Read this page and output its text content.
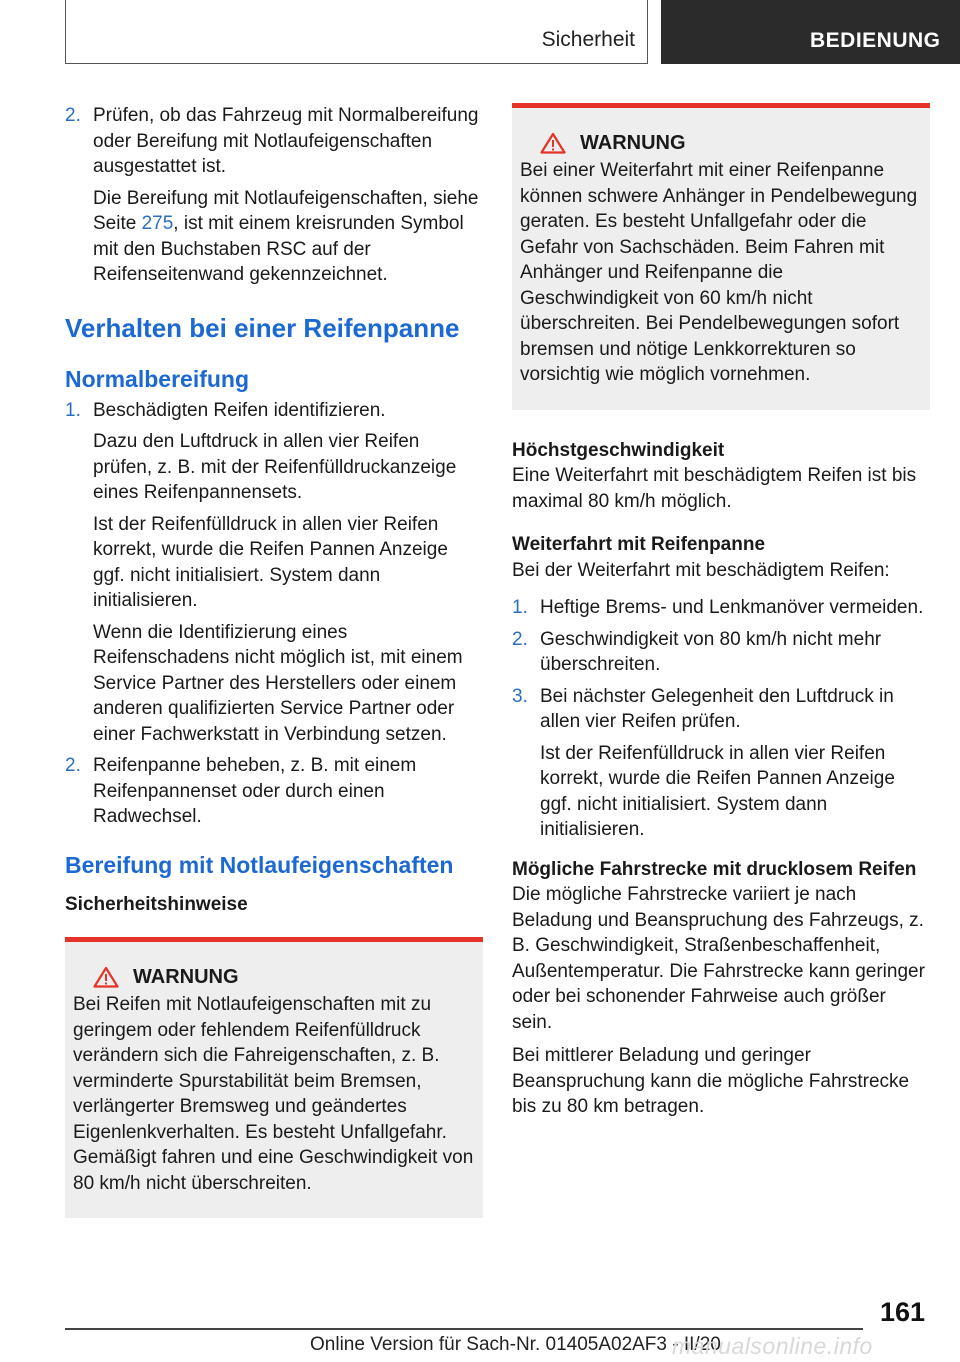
Sicherheit	BEDIENUNG
2. Prüfen, ob das Fahrzeug mit Normalbereifung oder Bereifung mit Notlaufeigenschaften ausgestattet ist.

Die Bereifung mit Notlaufeigenschaften, siehe Seite 275, ist mit einem kreisrunden Symbol mit den Buchstaben RSC auf der Reifenseitenwand gekennzeichnet.

Verhalten bei einer Reifenpanne
Normalbereifung
1. Beschädigten Reifen identifizieren.

Dazu den Luftdruck in allen vier Reifen prüfen, z. B. mit der Reifenfülldruckanzeige eines Reifenpannensets.

Ist der Reifenfülldruck in allen vier Reifen korrekt, wurde die Reifen Pannen Anzeige ggf. nicht initialisiert. System dann initialisieren.

Wenn die Identifizierung eines Reifenschadens nicht möglich ist, mit einem Service Partner des Herstellers oder einem anderen qualifizierten Service Partner oder einer Fachwerkstatt in Verbindung setzen.

2. Reifenpanne beheben, z. B. mit einem Reifenpannenset oder durch einen Radwechsel.

Bereifung mit Notlaufeigenschaften
Sicherheitshinweise
WARNUNG

Bei Reifen mit Notlaufeigenschaften mit zu geringem oder fehlendem Reifenfülldruck verändern sich die Fahreigenschaften, z. B. verminderte Spurstabilität beim Bremsen, verlängerter Bremsweg und geändertes Eigenlenkverhalten. Es besteht Unfallgefahr. Gemäßigt fahren und eine Geschwindigkeit von 80 km/h nicht überschreiten.

WARNUNG

Bei einer Weiterfahrt mit einer Reifenpanne können schwere Anhänger in Pendelbewegung geraten. Es besteht Unfallgefahr oder die Gefahr von Sachschäden. Beim Fahren mit Anhänger und Reifenpanne die Geschwindigkeit von 60 km/h nicht überschreiten. Bei Pendelbewegungen sofort bremsen und nötige Lenkkorrekturen so vorsichtig wie möglich vornehmen.

Höchstgeschwindigkeit

Eine Weiterfahrt mit beschädigtem Reifen ist bis maximal 80 km/h möglich.

Weiterfahrt mit Reifenpanne

Bei der Weiterfahrt mit beschädigtem Reifen:

1. Heftige Brems- und Lenkmanöver vermeiden.

2. Geschwindigkeit von 80 km/h nicht mehr überschreiten.

3. Bei nächster Gelegenheit den Luftdruck in allen vier Reifen prüfen.

Ist der Reifenfülldruck in allen vier Reifen korrekt, wurde die Reifen Pannen Anzeige ggf. nicht initialisiert. System dann initialisieren.

Mögliche Fahrstrecke mit drucklosem Reifen

Die mögliche Fahrstrecke variiert je nach Beladung und Beanspruchung des Fahrzeugs, z. B. Geschwindigkeit, Straßenbeschaffenheit, Außentemperatur. Die Fahrstrecke kann geringer oder bei schonender Fahrweise auch größer sein.

Bei mittlerer Beladung und geringer Beanspruchung kann die mögliche Fahrstrecke bis zu 80 km betragen.

161
Online Version für Sach-Nr. 01405A02AF3 - II/20
manualsonline.info
